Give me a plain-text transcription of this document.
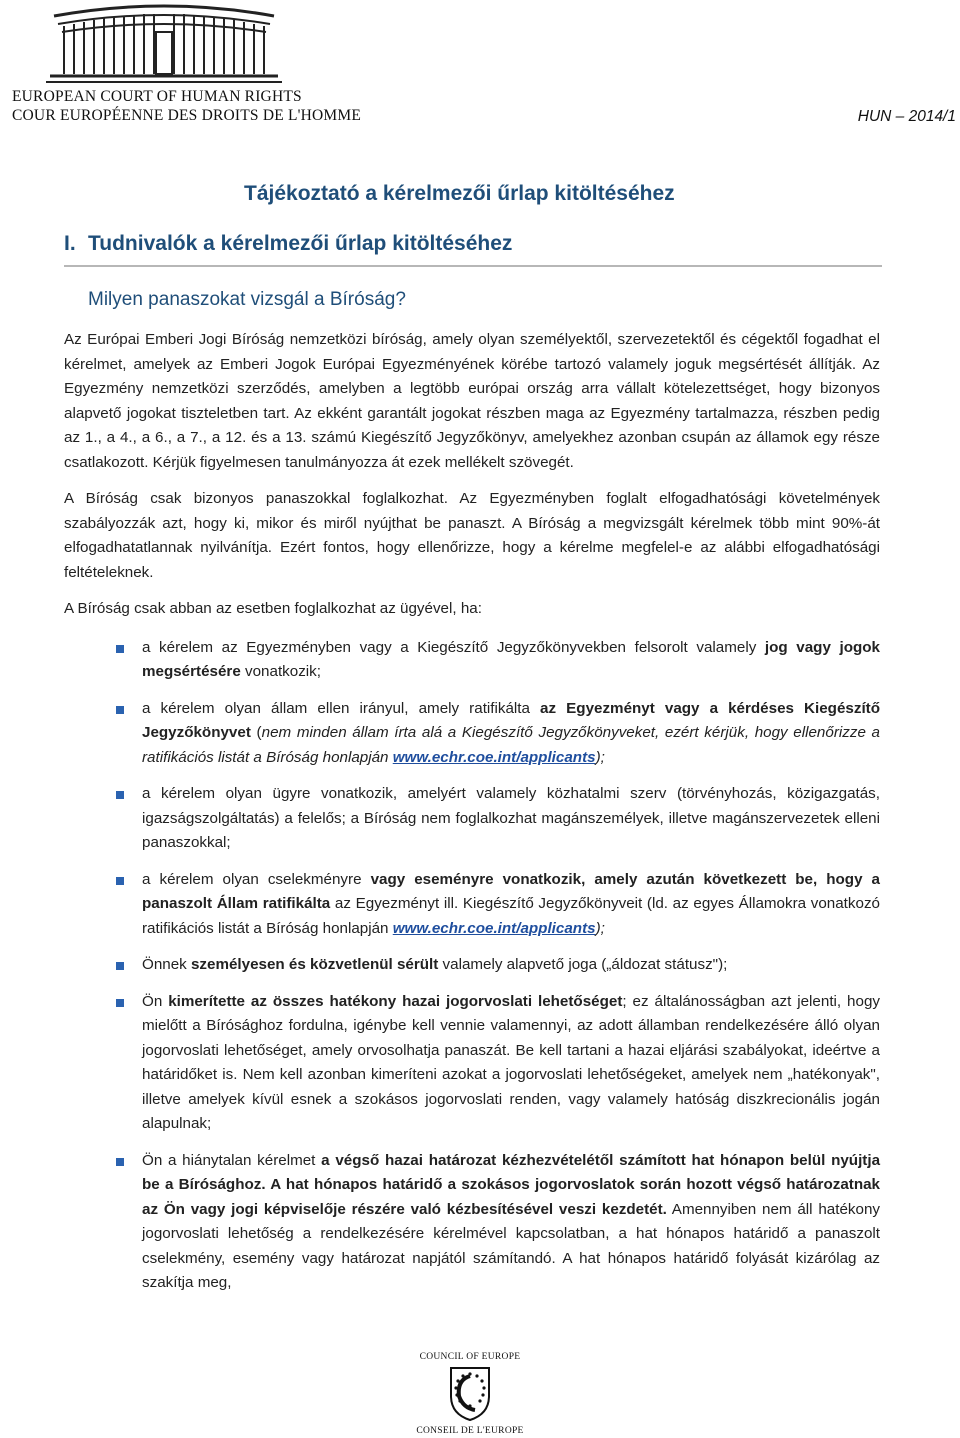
EUROPEAN COURT OF HUMAN RIGHTS
COUR EUROPÉENNE DES DROITS DE L'HOMME	HUN – 2014/1
Tájékoztató a kérelmezői űrlap kitöltéséhez
I. Tudnivalók a kérelmezői űrlap kitöltéséhez
Milyen panaszokat vizsgál a Bíróság?

Az Európai Emberi Jogi Bíróság nemzetközi bíróság, amely olyan személyektől, szervezetektől és cégektől fogadhat el kérelmet, amelyek az Emberi Jogok Európai Egyezményének körébe tartozó valamely joguk megsértését állítják. Az Egyezmény nemzetközi szerződés, amelyben a legtöbb európai ország arra vállalt kötelezettséget, hogy bizonyos alapvető jogokat tiszteletben tart. Az ekként garantált jogokat részben maga az Egyezmény tartalmazza, részben pedig az 1., a 4., a 6., a 7., a 12. és a 13. számú Kiegészítő Jegyzőkönyv, amelyekhez azonban csupán az államok egy része csatlakozott. Kérjük figyelmesen tanulmányozza át ezek mellékelt szövegét.

A Bíróság csak bizonyos panaszokkal foglalkozhat. Az Egyezményben foglalt elfogadhatósági követelmények szabályozzák azt, hogy ki, mikor és miről nyújthat be panaszt. A Bíróság a megvizsgált kérelmek több mint 90%-át elfogadhatatlannak nyilvánítja. Ezért fontos, hogy ellenőrizze, hogy a kérelme megfelel-e az alábbi elfogadhatósági feltételeknek.

A Bíróság csak abban az esetben foglalkozhat az ügyével, ha:

a kérelem az Egyezményben vagy a Kiegészítő Jegyzőkönyvekben felsorolt valamely jog vagy jogok megsértésére vonatkozik;
a kérelem olyan állam ellen irányul, amely ratifikálta az Egyezményt vagy a kérdéses Kiegészítő Jegyzőkönyvet (nem minden állam írta alá a Kiegészítő Jegyzőkönyveket, ezért kérjük, hogy ellenőrizze a ratifikációs listát a Bíróság honlapján www.echr.coe.int/applicants);
a kérelem olyan ügyre vonatkozik, amelyért valamely közhatalmi szerv (törvényhozás, közigazgatás, igazságszolgáltatás) a felelős; a Bíróság nem foglalkozhat magánszemélyek, illetve magánszervezetek elleni panaszokkal;
a kérelem olyan cselekményre vagy eseményre vonatkozik, amely azután következett be, hogy a panaszolt Állam ratifikálta az Egyezményt ill. Kiegészítő Jegyzőkönyveit (ld. az egyes Államokra vonatkozó ratifikációs listát a Bíróság honlapján www.echr.coe.int/applicants);
Önnek személyesen és közvetlenül sérült valamely alapvető joga („áldozat státusz");
Ön kimerítette az összes hatékony hazai jogorvoslati lehetőséget; ez általánosságban azt jelenti, hogy mielőtt a Bírósághoz fordulna, igénybe kell vennie valamennyi, az adott államban rendelkezésére álló olyan jogorvoslati lehetőséget, amely orvosolhatja panaszát. Be kell tartani a hazai eljárási szabályokat, ideértve a határidőket is. Nem kell azonban kimeríteni azokat a jogorvoslati lehetőségeket, amelyek nem „hatékonyak", illetve amelyek kívül esnek a szokásos jogorvoslati renden, vagy valamely hatóság diszkrecionális jogán alapulnak;
Ön a hiánytalan kérelmet a végső hazai határozat kézhezvételétől számított hat hónapon belül nyújtja be a Bírósághoz. A hat hónapos határidő a szokásos jogorvoslatok során hozott végső határozatnak az Ön vagy jogi képviselője részére való kézbesítésével veszi kezdetét. Amennyiben nem áll hatékony jogorvoslati lehetőség a rendelkezésére kérelmével kapcsolatban, a hat hónapos határidő a panaszolt cselekmény, esemény vagy határozat napjától számítandó. A hat hónapos határidő folyását kizárólag az szakítja meg,
COUNCIL OF EUROPE
CONSEIL DE L'EUROPE
